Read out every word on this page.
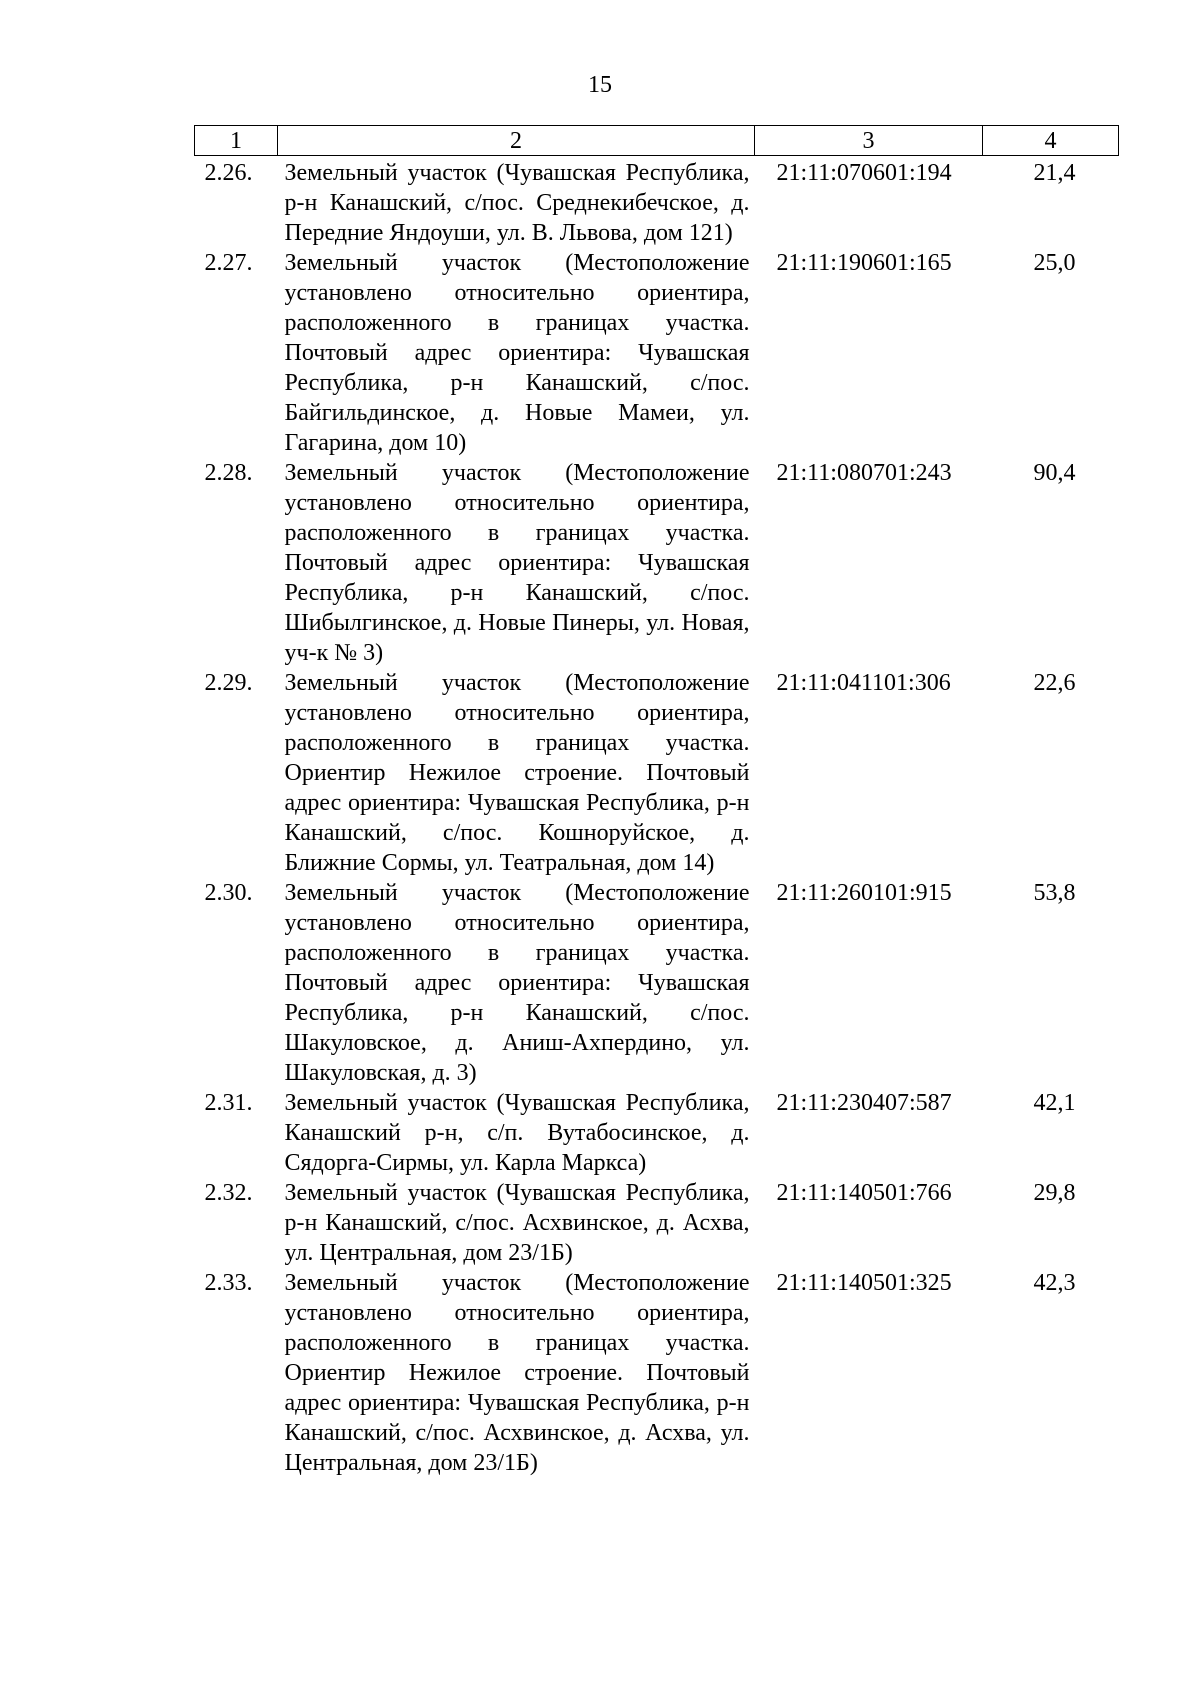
15
1	2	3	4
2.26.	Земельный участок (Чувашская Республика, р-н Канашский, с/пос. Среднекибечское, д. Передние Яндоуши, ул. В. Львова, дом 121)	21:11:070601:194	21,4
2.27.	Земельный участок (Местоположение установлено относительно ориентира, расположенного в границах участка. Почтовый адрес ориентира: Чувашская Республика, р-н Канашский, с/пос. Байгильдинское, д. Новые Мамеи, ул. Гагарина, дом 10)	21:11:190601:165	25,0
2.28.	Земельный участок (Местоположение установлено относительно ориентира, расположенного в границах участка. Почтовый адрес ориентира: Чувашская Республика, р-н Канашский, с/пос. Шибылгинское, д. Новые Пинеры, ул. Новая, уч-к № 3)	21:11:080701:243	90,4
2.29.	Земельный участок (Местоположение установлено относительно ориентира, расположенного в границах участка. Ориентир Нежилое строение. Почтовый адрес ориентира: Чувашская Республика, р-н Канашский, с/пос. Кошноруйское, д. Ближние Сормы, ул. Театральная, дом 14)	21:11:041101:306	22,6
2.30.	Земельный участок (Местоположение установлено относительно ориентира, расположенного в границах участка. Почтовый адрес ориентира: Чувашская Республика, р-н Канашский, с/пос. Шакуловское, д. Аниш-Ахпердино, ул. Шакуловская, д. 3)	21:11:260101:915	53,8
2.31.	Земельный участок (Чувашская Республика, Канашский р-н, с/п. Вутабосинское, д. Сядорга-Сирмы, ул. Карла Маркса)	21:11:230407:587	42,1
2.32.	Земельный участок (Чувашская Республика, р-н Канашский, с/пос. Асхвинское, д. Асхва, ул. Центральная, дом 23/1Б)	21:11:140501:766	29,8
2.33.	Земельный участок (Местоположение установлено относительно ориентира, расположенного в границах участка. Ориентир Нежилое строение. Почтовый адрес ориентира: Чувашская Республика, р-н Канашский, с/пос. Асхвинское, д. Асхва, ул. Центральная, дом 23/1Б)	21:11:140501:325	42,3
